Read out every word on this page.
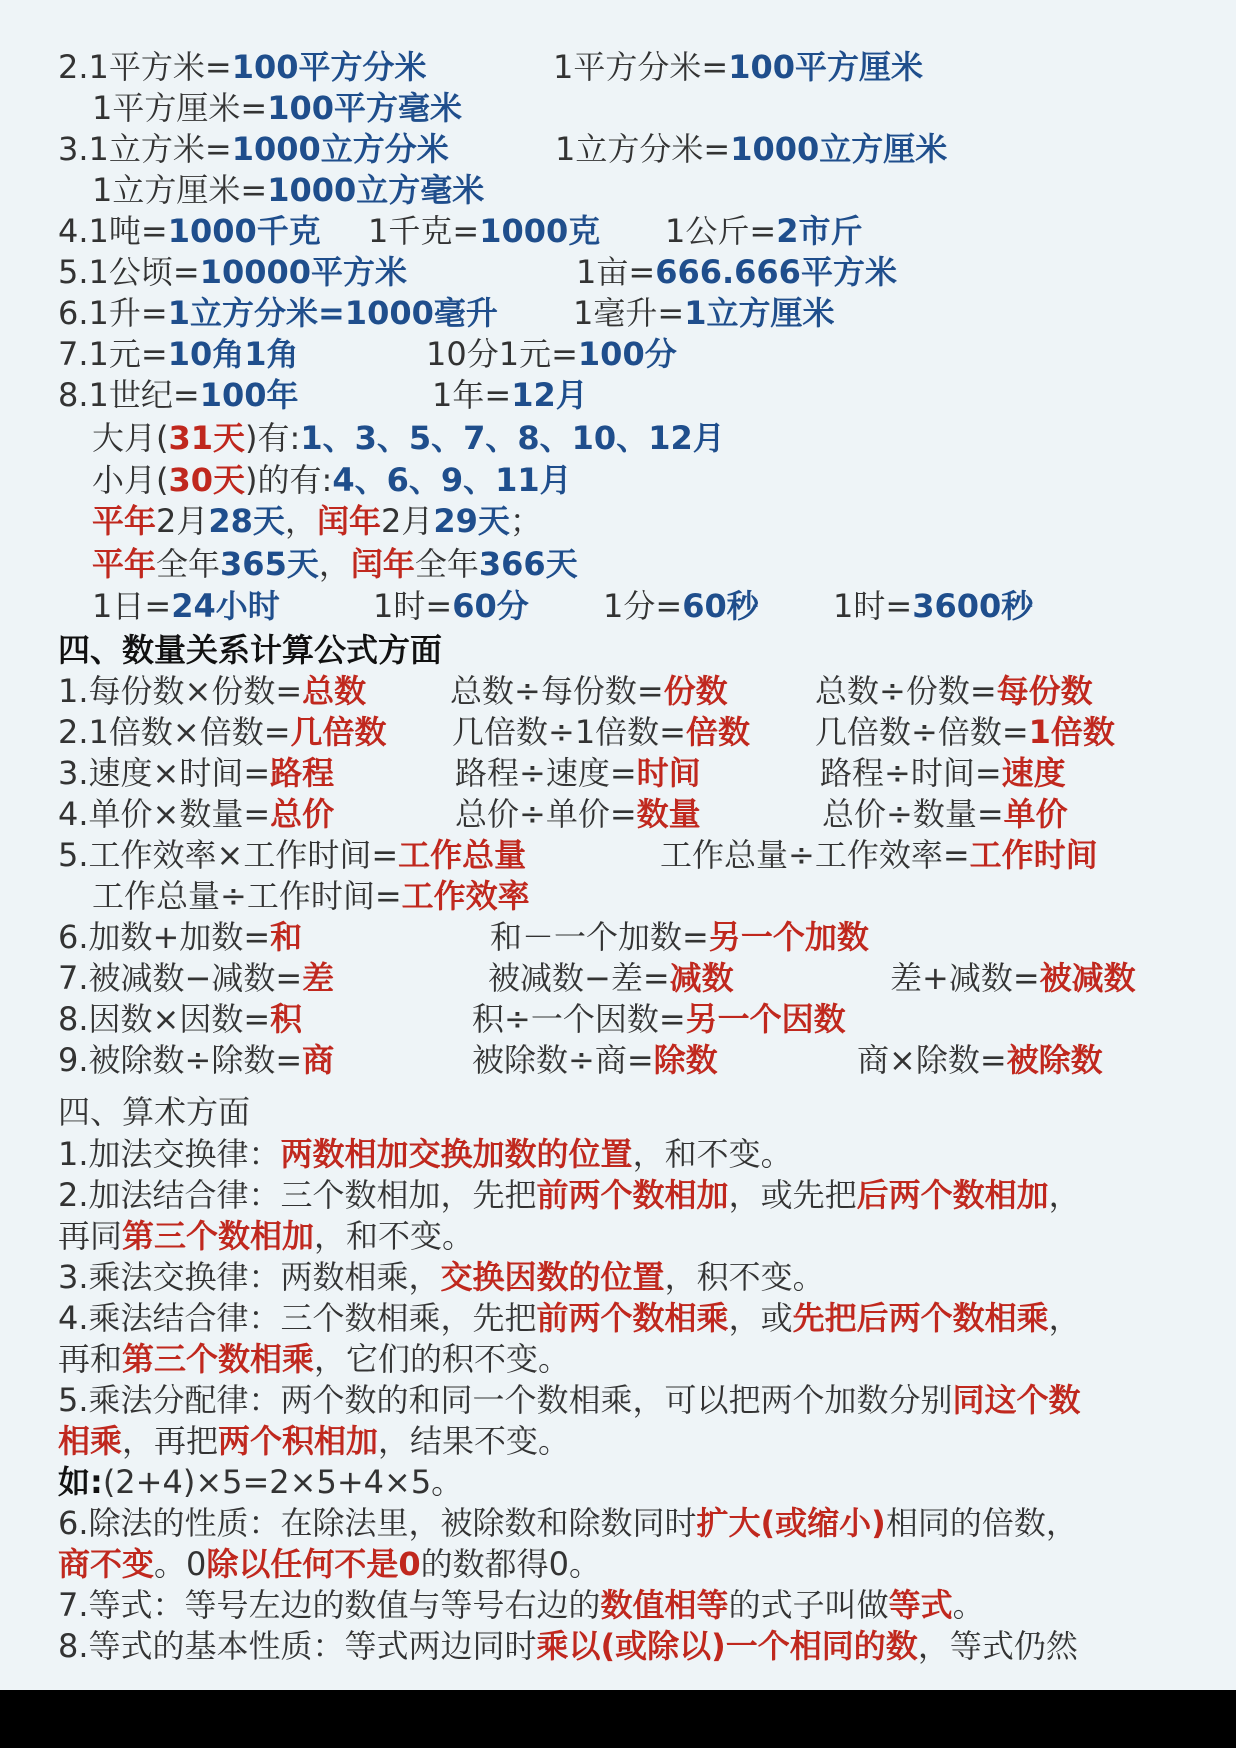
2.1平方米=100平方分米	1平方分米=100平方厘米
1平方厘米=100平方毫米
3.1立方米=1000立方分米	1立方分米=1000立方厘米
1立方厘米=1000立方毫米
4.1吨=1000千克 1千克=1000克 1公斤=2市斤
5.1公顷=10000平方米	1亩=666.666平方米
6.1升=1立方分米=1000毫升 1毫升=1立方厘米
7.1元=10角1角	10分1元=100分
8.1世纪=100年	1年=12月
大月(31天)有:1、3、5、7、8、10、12月
小月(30天)的有:4、6、9、11月
平年2月28天，闰年2月29天；
平年全年365天，闰年全年366天
1日=24小时	1时=60分 1分=60秒 1时=3600秒
四、数量关系计算公式方面
1.每份数×份数=总数	总数÷每份数=份数	总数÷份数=每份数
2.1倍数×倍数=几倍数 几倍数÷1倍数=倍数 几倍数÷倍数=1倍数
3.速度×时间=路程	路程÷速度=时间	路程÷时间=速度
4.单价×数量=总价	总价÷单价=数量	总价÷数量=单价
5.工作效率×工作时间=工作总量	工作总量÷工作效率=工作时间
工作总量÷工作时间=工作效率
6.加数+加数=和	和－一个加数=另一个加数
7.被减数−减数=差	被减数−差=减数	差+减数=被减数
8.因数×因数=积	积÷一个因数=另一个因数
9.被除数÷除数=商	被除数÷商=除数	商×除数=被除数
四、算术方面
1.加法交换律：两数相加交换加数的位置，和不变。
2.加法结合律：三个数相加，先把前两个数相加，或先把后两个数相加，
再同第三个数相加，和不变。
3.乘法交换律：两数相乘，交换因数的位置，积不变。
4.乘法结合律：三个数相乘，先把前两个数相乘，或先把后两个数相乘，
再和第三个数相乘，它们的积不变。
5.乘法分配律：两个数的和同一个数相乘，可以把两个加数分别同这个数
相乘，再把两个积相加，结果不变。
如:(2+4)×5=2×5+4×5。
6.除法的性质：在除法里，被除数和除数同时扩大(或缩小)相同的倍数，
商不变。0除以任何不是0的数都得0。
7.等式：等号左边的数值与等号右边的数值相等的式子叫做等式。
8.等式的基本性质：等式两边同时乘以(或除以)一个相同的数，等式仍然
